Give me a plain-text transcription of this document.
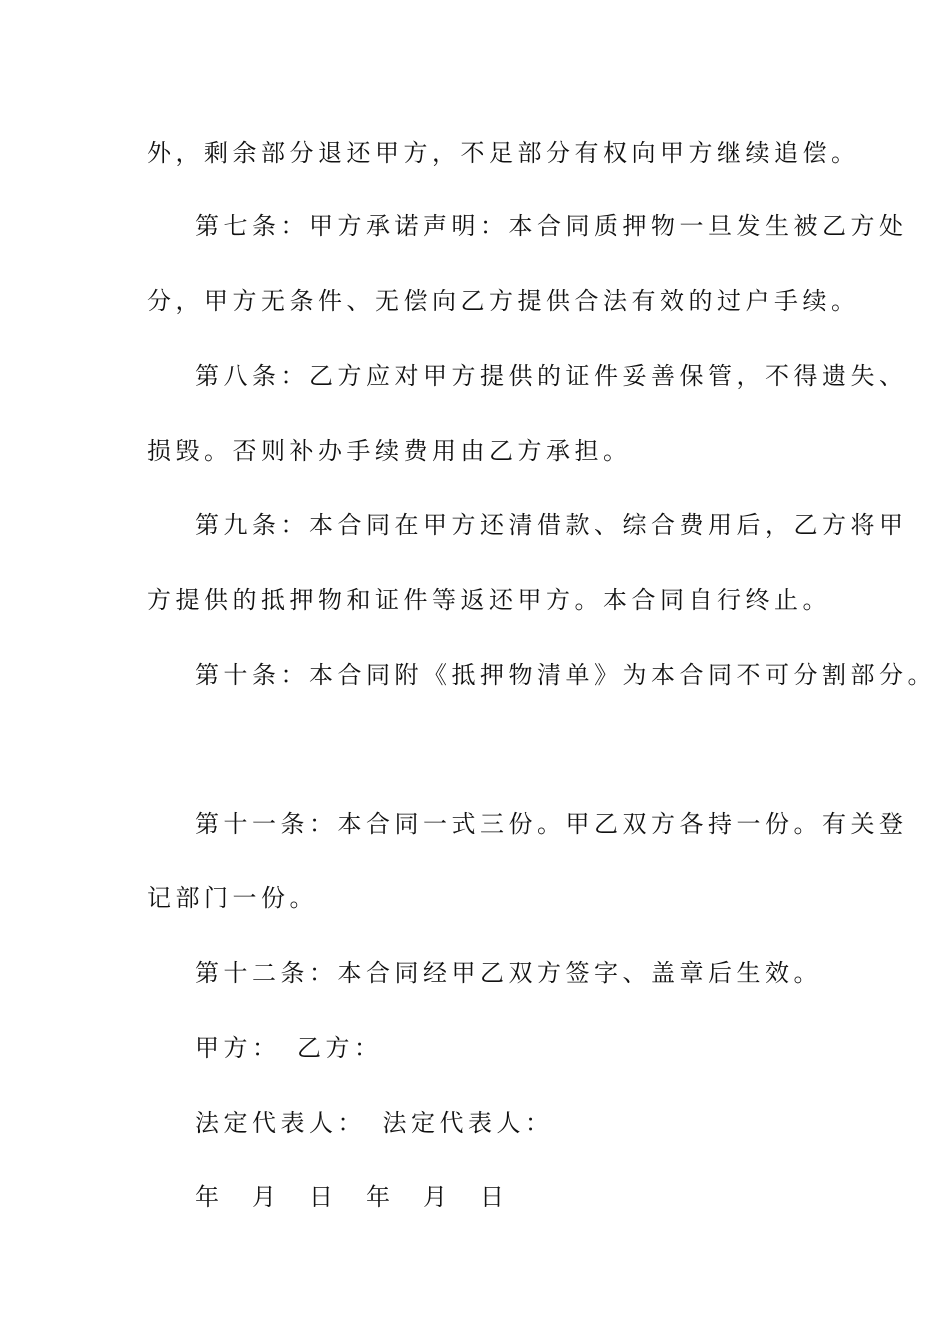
外，剩余部分退还甲方，不足部分有权向甲方继续追偿。
第七条：甲方承诺声明：本合同质押物一旦发生被乙方处
分，甲方无条件、无偿向乙方提供合法有效的过户手续。
第八条：乙方应对甲方提供的证件妥善保管，不得遗失、
损毁。否则补办手续费用由乙方承担。
第九条：本合同在甲方还清借款、综合费用后，乙方将甲
方提供的抵押物和证件等返还甲方。本合同自行终止。
第十条：本合同附《抵押物清单》为本合同不可分割部分。
第十一条：本合同一式三份。甲乙双方各持一份。有关登
记部门一份。
第十二条：本合同经甲乙双方签字、盖章后生效。
甲方：　乙方：
法定代表人：　法定代表人：
年　月　日　年　月　日
